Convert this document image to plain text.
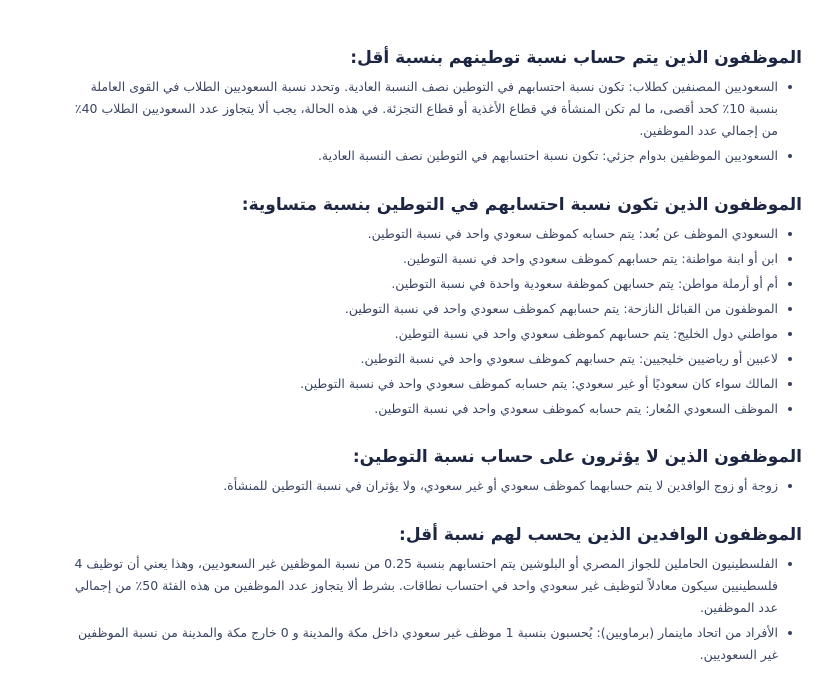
الموظفون الذين يتم حساب نسبة توطينهم بنسبة أقل:
السعوديين المصنفين كطلاب: تكون نسبة احتسابهم في التوطين نصف النسبة العادية. وتحدد نسبة السعوديين الطلاب في القوى العاملة بنسبة 10٪ كحد أقصى، ما لم تكن المنشأة في قطاع الأغذية أو قطاع التجزئة. في هذه الحالة، يجب ألا يتجاوز عدد السعوديين الطلاب 40٪ من إجمالي عدد الموظفين.
السعوديين الموظفين بدوام جزئي: تكون نسبة احتسابهم في التوطين نصف النسبة العادية.
الموظفون الذين تكون نسبة احتسابهم في التوطين بنسبة متساوية:
السعودي الموظف عن بُعد: يتم حسابه كموظف سعودي واحد في نسبة التوطين.
ابن أو ابنة مواطنة: يتم حسابهم كموظف سعودي واحد في نسبة التوطين.
أم أو أرملة مواطن: يتم حسابهن كموظفة سعودية واحدة في نسبة التوطين.
الموظفون من القبائل النازحة: يتم حسابهم كموظف سعودي واحد في نسبة التوطين.
مواطني دول الخليج: يتم حسابهم كموظف سعودي واحد في نسبة التوطين.
لاعبين أو رياضيين خليجيين: يتم حسابهم كموظف سعودي واحد في نسبة التوطين.
المالك سواء كان سعوديًا أو غير سعودي: يتم حسابه كموظف سعودي واحد في نسبة التوطين.
الموظف السعودي المُعار: يتم حسابه كموظف سعودي واحد في نسبة التوطين.
الموظفون الذين لا يؤثرون على حساب نسبة التوطين:
زوجة أو زوج الوافدين لا يتم حسابهما كموظف سعودي أو غير سعودي، ولا يؤثران في نسبة التوطين للمنشأة.
الموظفون الوافدين الذين يحسب لهم نسبة أقل:
الفلسطينيون الحاملين للجواز المصري أو البلوشين يتم احتسابهم بنسبة 0.25 من نسبة الموظفين غير السعوديين، وهذا يعني أن توظيف 4 فلسطينيين سيكون معادلاً لتوظيف غير سعودي واحد في احتساب نطاقات. بشرط ألا يتجاوز عدد الموظفين من هذه الفئة 50٪ من إجمالي عدد الموظفين.
الأفراد من اتحاد ماينمار (برماويين): يُحسبون بنسبة 1 موظف غير سعودي داخل مكة والمدينة و 0 خارج مكة والمدينة من نسبة الموظفين غير السعوديين.
